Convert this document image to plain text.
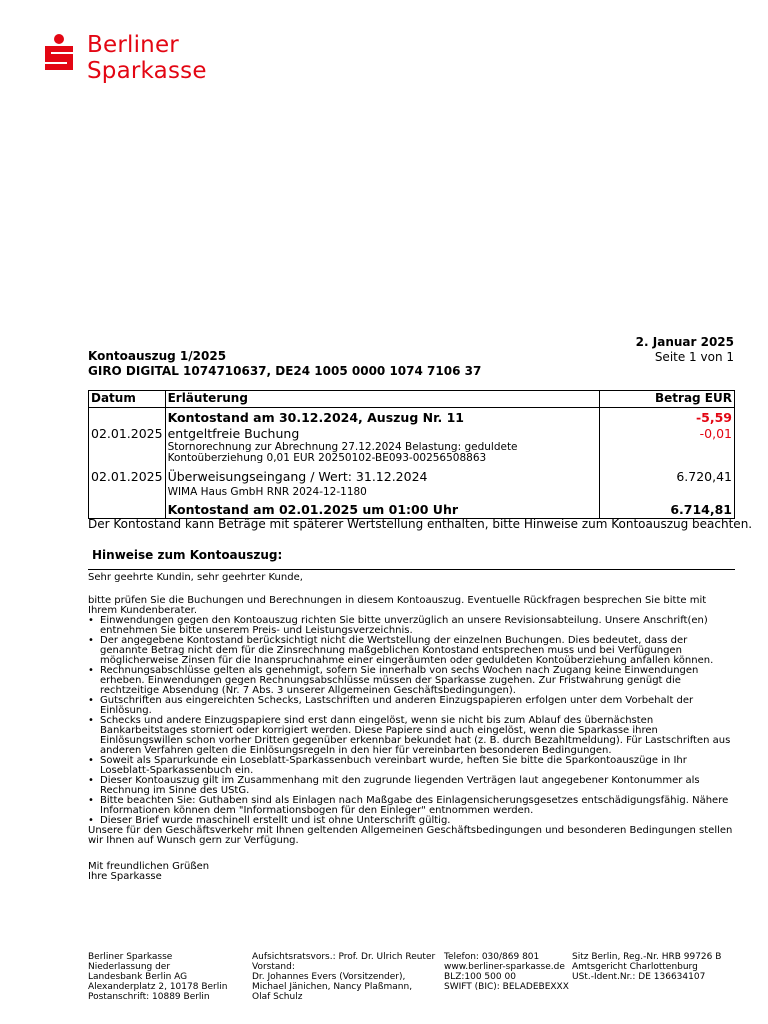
Berliner
Sparkasse
2. Januar 2025
Seite 1 von 1
Kontoauszug 1/2025
GIRO DIGITAL 1074710637, DE24 1005 0000 1074 7106 37
Datum	Erläuterung	Betrag EUR
	Kontostand am 30.12.2024, Auszug Nr. 11	-5,59
02.01.2025	entgeltfreie Buchung
Stornorechnung zur Abrechnung 27.12.2024 Belastung: geduldete
Kontoüberziehung 0,01 EUR 20250102-BE093-00256508863	-0,01
02.01.2025	Überweisungseingang / Wert: 31.12.2024
WIMA Haus GmbH RNR 2024-12-1180	6.720,41
	Kontostand am 02.01.2025 um 01:00 Uhr	6.714,81
Der Kontostand kann Beträge mit späterer Wertstellung enthalten, bitte Hinweise zum Kontoauszug beachten.
Hinweise zum Kontoauszug:

Sehr geehrte Kundin, sehr geehrter Kunde,

bitte prüfen Sie die Buchungen und Berechnungen in diesem Kontoauszug. Eventuelle Rückfragen besprechen Sie bitte mit Ihrem Kundenberater.

• Einwendungen gegen den Kontoauszug richten Sie bitte unverzüglich an unsere Revisionsabteilung. Unsere Anschrift(en) entnehmen Sie bitte unserem Preis- und Leistungsverzeichnis.
• Der angegebene Kontostand berücksichtigt nicht die Wertstellung der einzelnen Buchungen. Dies bedeutet, dass der genannte Betrag nicht dem für die Zinsrechnung maßgeblichen Kontostand entsprechen muss und bei Verfügungen möglicherweise Zinsen für die Inanspruchnahme einer eingeräumten oder geduldeten Kontoüberziehung anfallen können.
• Rechnungsabschlüsse gelten als genehmigt, sofern Sie innerhalb von sechs Wochen nach Zugang keine Einwendungen erheben. Einwendungen gegen Rechnungsabschlüsse müssen der Sparkasse zugehen. Zur Fristwahrung genügt die rechtzeitige Absendung (Nr. 7 Abs. 3 unserer Allgemeinen Geschäftsbedingungen).
• Gutschriften aus eingereichten Schecks, Lastschriften und anderen Einzugspapieren erfolgen unter dem Vorbehalt der Einlösung.
• Schecks und andere Einzugspapiere sind erst dann eingelöst, wenn sie nicht bis zum Ablauf des übernächsten Bankarbeitstages storniert oder korrigiert werden. Diese Papiere sind auch eingelöst, wenn die Sparkasse ihren Einlösungswillen schon vorher Dritten gegenüber erkennbar bekundet hat (z. B. durch Bezahltmeldung). Für Lastschriften aus anderen Verfahren gelten die Einlösungsregeln in den hier für vereinbarten besonderen Bedingungen.
• Soweit als Sparurkunde ein Loseblatt-Sparkassenbuch vereinbart wurde, heften Sie bitte die Sparkontoauszüge in Ihr Loseblatt-Sparkassenbuch ein.
• Dieser Kontoauszug gilt im Zusammenhang mit den zugrunde liegenden Verträgen laut angegebener Kontonummer als Rechnung im Sinne des UStG.
• Bitte beachten Sie: Guthaben sind als Einlagen nach Maßgabe des Einlagensicherungsgesetzes entschädigungsfähig. Nähere Informationen können dem "Informationsbogen für den Einleger" entnommen werden.
• Dieser Brief wurde maschinell erstellt und ist ohne Unterschrift gültig.

Unsere für den Geschäftsverkehr mit Ihnen geltenden Allgemeinen Geschäftsbedingungen und besonderen Bedingungen stellen wir Ihnen auf Wunsch gern zur Verfügung.

Mit freundlichen Grüßen

Ihre Sparkasse

Berliner Sparkasse
Niederlassung der
Landesbank Berlin AG
Alexanderplatz 2, 10178 Berlin
Postanschrift: 10889 Berlin
Aufsichtsratsvors.: Prof. Dr. Ulrich Reuter
Vorstand:
Dr. Johannes Evers (Vorsitzender),
Michael Jänichen, Nancy Plaßmann,
Olaf Schulz
Telefon: 030/869 801
www.berliner-sparkasse.de
BLZ:100 500 00
SWIFT (BIC): BELADEBEXXX
Sitz Berlin, Reg.-Nr. HRB 99726 B
Amtsgericht Charlottenburg
USt.-Ident.Nr.: DE 136634107
